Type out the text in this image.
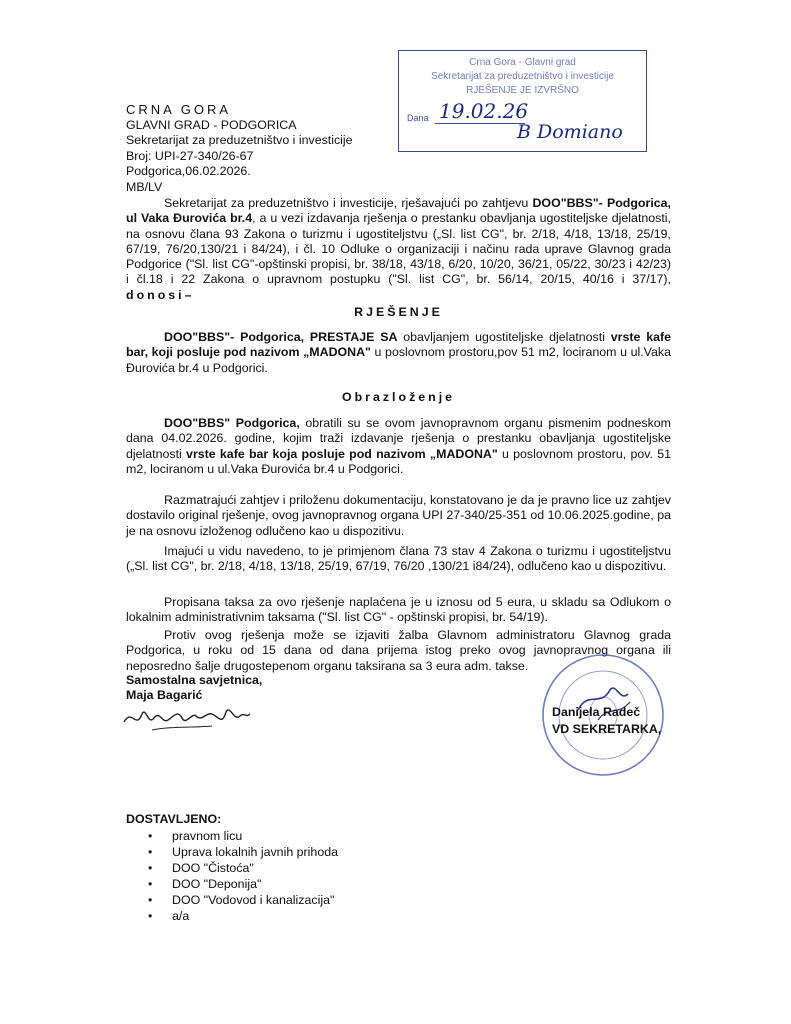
Crna Gora - Glavni grad
Sekretarijat za preduzetništvo i investicije
RJEŠENJE JE IZVRŠNO
Dana 19.02.26
B Domiano
CRNA GORA
GLAVNI GRAD - PODGORICA
Sekretarijat za preduzetništvo i investicije
Broj: UPI-27-340/26-67
Podgorica,06.02.2026.
MB/LV
Sekretarijat za preduzetništvo i investicije, rješavajući po zahtjevu DOO"BBS"- Podgorica, ul Vaka Đurovića br.4, a u vezi izdavanja rješenja o prestanku obavljanja ugostiteljske djelatnosti, na osnovu člana 93 Zakona o turizmu i ugostiteljstvu („Sl. list CG", br. 2/18, 4/18, 13/18, 25/19, 67/19, 76/20,130/21 i 84/24), i čl. 10 Odluke o organizaciji i načinu rada uprave Glavnog grada Podgorice ("Sl. list CG"-opštinski propisi, br. 38/18, 43/18, 6/20, 10/20, 36/21, 05/22, 30/23 i 42/23) i čl.18 i 22 Zakona o upravnom postupku ("Sl. list CG", br. 56/14, 20/15, 40/16 i 37/17), donosi–
RJEŠENJE
DOO"BBS"- Podgorica, PRESTAJE SA obavljanjem ugostiteljske djelatnosti vrste kafe bar, koji posluje pod nazivom „MADONA" u poslovnom prostoru,pov 51 m2, lociranom u ul.Vaka Đurovića br.4 u Podgorici.
Obrazloženje
DOO"BBS" Podgorica, obratili su se ovom javnopravnom organu pismenim podneskom dana 04.02.2026. godine, kojim traži izdavanje rješenja o prestanku obavljanja ugostiteljske djelatnosti vrste kafe bar koja posluje pod nazivom „MADONA" u poslovnom prostoru, pov. 51 m2, lociranom u ul.Vaka Đurovića br.4 u Podgorici.
Razmatrajući zahtjev i priloženu dokumentaciju, konstatovano je da je pravno lice uz zahtjev dostavilo original rješenje, ovog javnopravnog organa UPI 27-340/25-351 od 10.06.2025.godine, pa je na osnovu izloženog odlučeno kao u dispozitivu.
Imajući u vidu navedeno, to je primjenom člana 73 stav 4 Zakona o turizmu i ugostiteljstvu („Sl. list CG", br. 2/18, 4/18, 13/18, 25/19, 67/19, 76/20 ,130/21 i84/24), odlučeno kao u dispozitivu.
Propisana taksa za ovo rješenje naplaćena je u iznosu od 5 eura, u skladu sa Odlukom o lokalnim administrativnim taksama ("Sl. list CG" - opštinski propisi, br. 54/19).
Protiv ovog rješenja može se izjaviti žalba Glavnom administratoru Glavnog grada Podgorica, u roku od 15 dana od dana prijema istog preko ovog javnopravnog organa ili neposredno šalje drugostepenom organu taksirana sa 3 eura adm. takse.
Samostalna savjetnica,
Maja Bagarić
Danijela Radeč
VD SEKRETARKA,
DOSTAVLJENO:
• pravnom licu
• Uprava lokalnih javnih prihoda
• DOO "Čistoća"
• DOO "Deponija"
• DOO "Vodovod i kanalizacija"
• a/a
